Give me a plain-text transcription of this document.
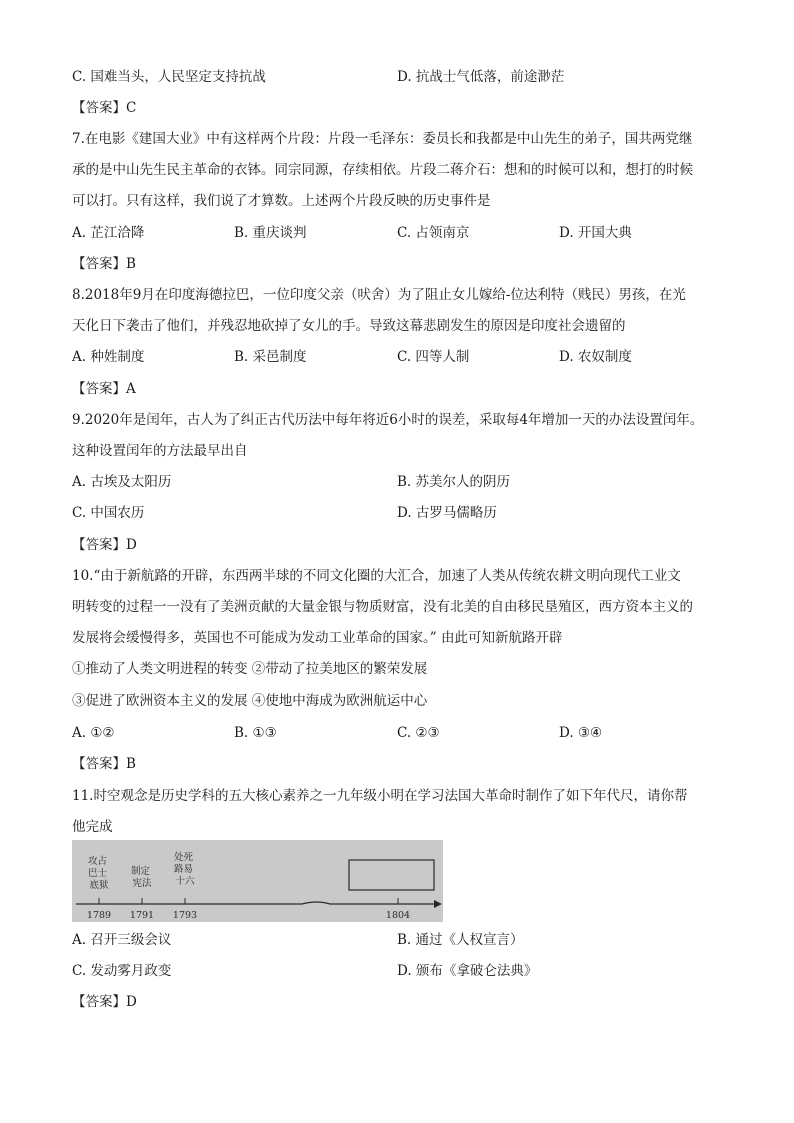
C. 国难当头，人民坚定支持抗战	D. 抗战士气低落，前途渺茫
【答案】C
7.在电影《建国大业》中有这样两个片段：片段一毛泽东：委员长和我都是中山先生的弟子，国共两党继
承的是中山先生民主革命的衣钵。同宗同源，存续相依。片段二蒋介石：想和的时候可以和，想打的时候
可以打。只有这样，我们说了才算数。上述两个片段反映的历史事件是
A. 芷江洽降	B. 重庆谈判	C. 占领南京	D. 开国大典
【答案】B
8.2018年9月在印度海德拉巴，一位印度父亲（吠舍）为了阻止女儿嫁给-位达利特（贱民）男孩，在光
天化日下袭击了他们，并残忍地砍掉了女儿的手。导致这幕悲剧发生的原因是印度社会遗留的
A. 种姓制度	B. 采邑制度	C. 四等人制	D. 农奴制度
【答案】A
9.2020年是闰年，古人为了纠正古代历法中每年将近6小时的误差，采取每4年增加一天的办法设置闰年。
这种设置闰年的方法最早出自
A. 古埃及太阳历	B. 苏美尔人的阴历
C. 中国农历	D. 古罗马儒略历
【答案】D
10.“由于新航路的开辟，东西两半球的不同文化圈的大汇合，加速了人类从传统农耕文明向现代工业文
明转变的过程一一没有了美洲贡献的大量金银与物质财富，没有北美的自由移民垦殖区，西方资本主义的
发展将会缓慢得多，英国也不可能成为发动工业革命的国家。” 由此可知新航路开辟
①推动了人类文明进程的转变 ②带动了拉美地区的繁荣发展
③促进了欧洲资本主义的发展 ④使地中海成为欧洲航运中心
A. ①②	B. ①③	C. ②③	D. ③④
【答案】B
11.时空观念是历史学科的五大核心素养之一九年级小明在学习法国大革命时制作了如下年代尺，请你帮
他完成
攻占 巴士 底狱
制定 宪法
处死 路易 十六
1789 1791 1793	1804
A. 召开三级会议	B. 通过《人权宣言）
C. 发动雾月政变	D. 颁布《拿破仑法典》
【答案】D
